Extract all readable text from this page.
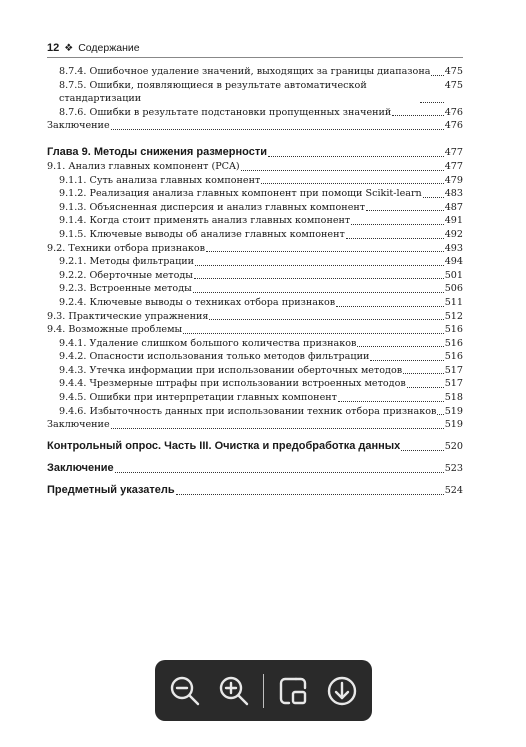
12 ❖ Содержание
8.7.4. Ошибочное удаление значений, выходящих за границы диапазона 475
8.7.5. Ошибки, появляющиеся в результате автоматической стандартизации
475
8.7.6. Ошибки в результате подстановки пропущенных значений	476
Заключение	476
Глава 9. Методы снижения размерности	477
9.1. Анализ главных компонент (PCA)	477
9.1.1. Суть анализа главных компонент	479
9.1.2. Реализация анализа главных компонент при помощи Scikit-learn 483
9.1.3. Объясненная дисперсия и анализ главных компонент	487
9.1.4. Когда стоит применять анализ главных компонент	491
9.1.5. Ключевые выводы об анализе главных компонент	492
9.2. Техники отбора признаков	493
9.2.1. Методы фильтрации	494
9.2.2. Оберточные методы	501
9.2.3. Встроенные методы	506
9.2.4. Ключевые выводы о техниках отбора признаков	511
9.3. Практические упражнения	512
9.4. Возможные проблемы	516
9.4.1. Удаление слишком большого количества признаков	516
9.4.2. Опасности использования только методов фильтрации	516
9.4.3. Утечка информации при использовании оберточных методов	517
9.4.4. Чрезмерные штрафы при использовании встроенных методов	517
9.4.5. Ошибки при интерпретации главных компонент	518
9.4.6. Избыточность данных при использовании техник отбора признаков 519
Заключение	519
Контрольный опрос. Часть III. Очистка и предобработка данных	520
Заключение	523
Предметный указатель	524
